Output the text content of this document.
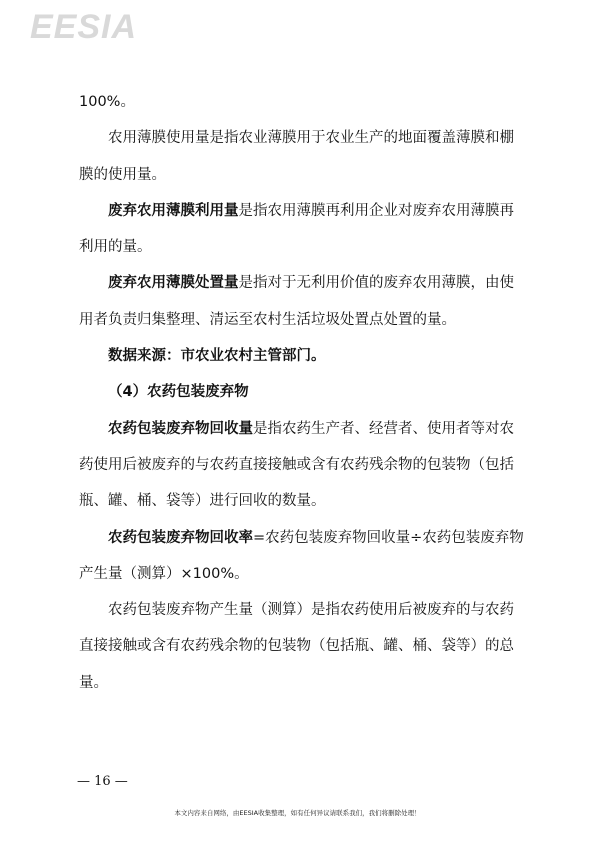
EESIA

100%。

农用薄膜使用量是指农业薄膜用于农业生产的地面覆盖薄膜和棚膜的使用量。

废弃农用薄膜利用量是指农用薄膜再利用企业对废弃农用薄膜再利用的量。

废弃农用薄膜处置量是指对于无利用价值的废弃农用薄膜，由使用者负责归集整理、清运至农村生活垃圾处置点处置的量。

数据来源：市农业农村主管部门。

（4）农药包装废弃物

农药包装废弃物回收量是指农药生产者、经营者、使用者等对农药使用后被废弃的与农药直接接触或含有农药残余物的包装物（包括瓶、罐、桶、袋等）进行回收的数量。

农药包装废弃物回收率=农药包装废弃物回收量÷农药包装废弃物产生量（测算）×100%。

农药包装废弃物产生量（测算）是指农药使用后被废弃的与农药直接接触或含有农药残余物的包装物（包括瓶、罐、桶、袋等）的总量。

— 16 —
本文内容来自网络，由EESIA收集整理，如有任何异议请联系我们，我们将删除处理！
